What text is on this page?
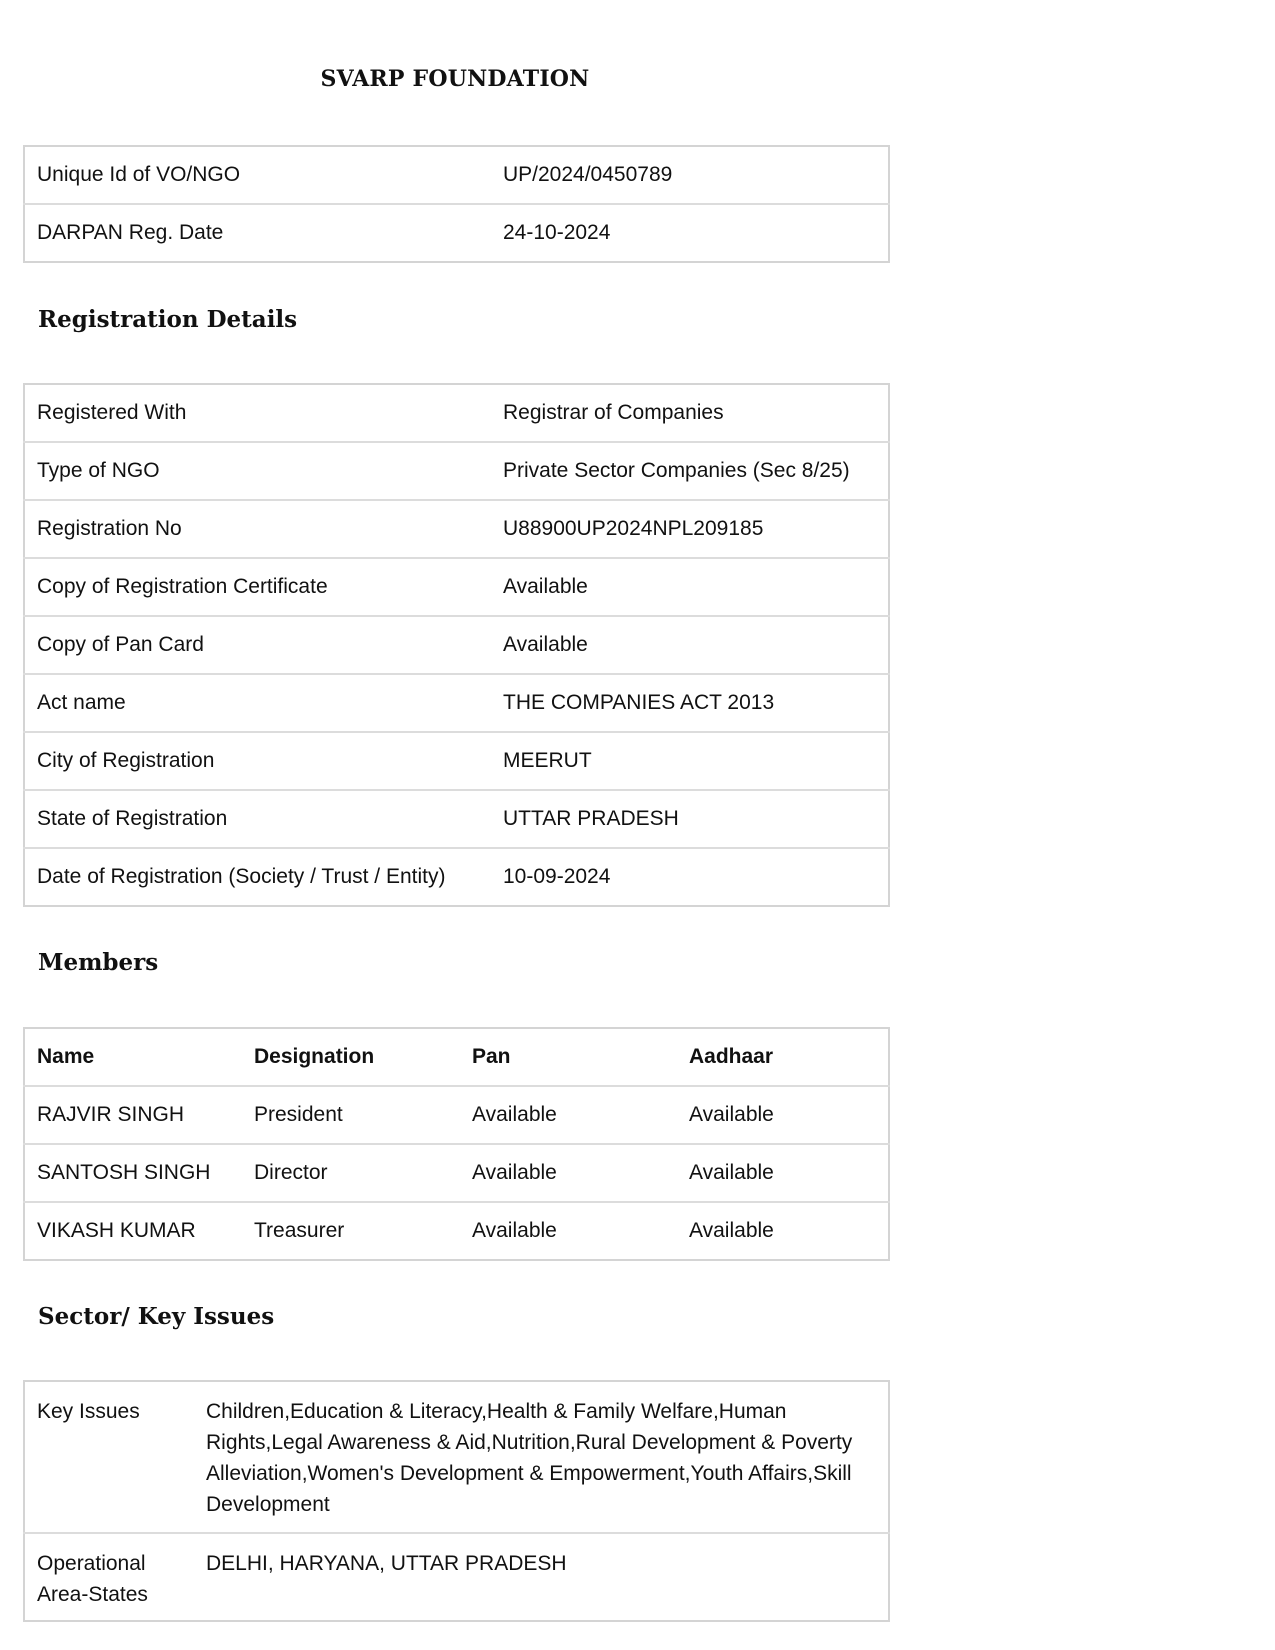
SVARP FOUNDATION
Unique Id of VO/NGO	UP/2024/0450789
DARPAN Reg. Date	24-10-2024
Registration Details
Registered With	Registrar of Companies
Type of NGO	Private Sector Companies (Sec 8/25)
Registration No	U88900UP2024NPL209185
Copy of Registration Certificate	Available
Copy of Pan Card	Available
Act name	THE COMPANIES ACT 2013
City of Registration	MEERUT
State of Registration	UTTAR PRADESH
Date of Registration (Society / Trust / Entity)	10-09-2024
Members
Name	Designation	Pan	Aadhaar
RAJVIR SINGH	President	Available	Available
SANTOSH SINGH	Director	Available	Available
VIKASH KUMAR	Treasurer	Available	Available
Sector/ Key Issues
Key Issues	Children,Education & Literacy,Health & Family Welfare,Human Rights,Legal Awareness & Aid,Nutrition,Rural Development & Poverty Alleviation,Women's Development & Empowerment,Youth Affairs,Skill Development
Operational Area-States	DELHI, HARYANA, UTTAR PRADESH
